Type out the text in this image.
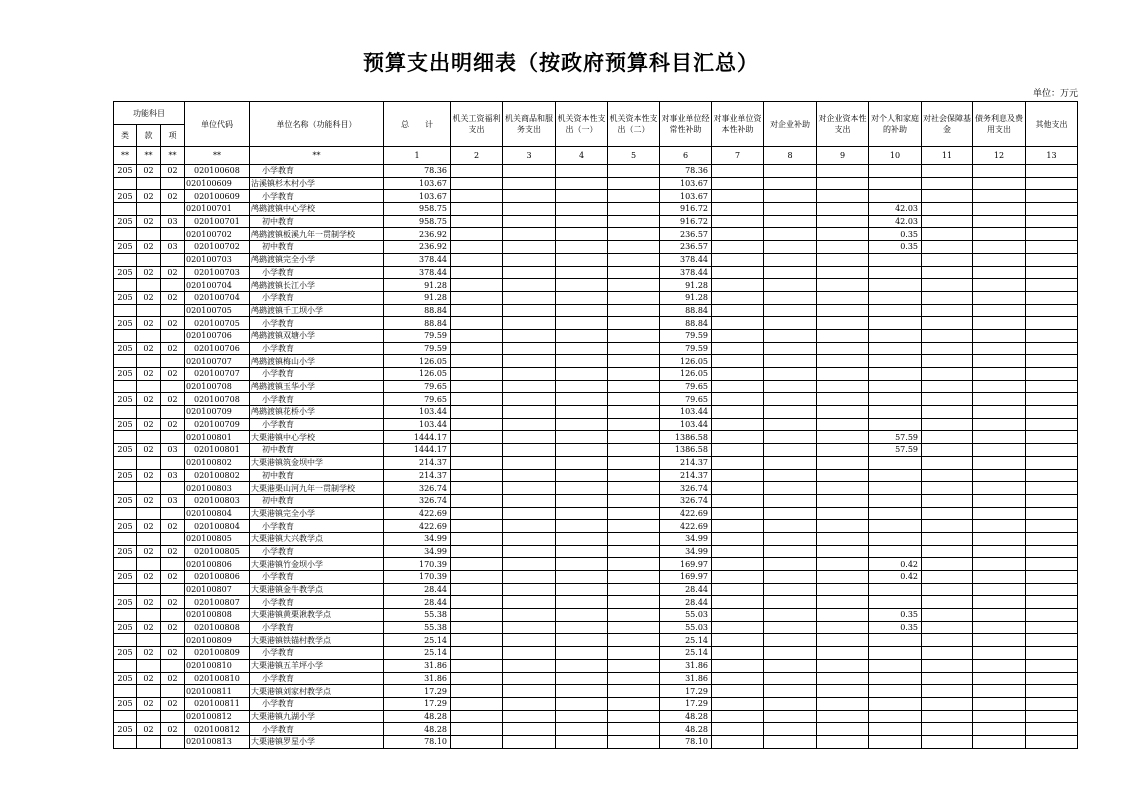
预算支出明细表（按政府预算科目汇总）
单位：万元
功能科目			单位代码	单位名称（功能科目）	总　　计	机关工资福利支出	机关商品和服务支出	机关资本性支出（一）	机关资本性支出（二）	对事业单位经常性补助	对事业单位资本性补助	对企业补助	对企业资本性支出	对个人和家庭的补助	对社会保障基金	债务利息及费用支出	其他支出
类	款	项															
**	**	**	**	**	1	2	3	4	5	6	7	8	9	10	11	12	13
205	02	02	020100608	小学教育	78.36					78.36							
			020100609	沾溪镇杉木村小学	103.67					103.67							
205	02	02	020100609	小学教育	103.67					103.67							
			020100701	鸬鹚渡镇中心学校	958.75					916.72				42.03			
205	02	03	020100701	初中教育	958.75					916.72				42.03			
			020100702	鸬鹚渡镇板溪九年一贯制学校	236.92					236.57				0.35			
205	02	03	020100702	初中教育	236.92					236.57				0.35			
			020100703	鸬鹚渡镇完全小学	378.44					378.44							
205	02	02	020100703	小学教育	378.44					378.44							
			020100704	鸬鹚渡镇长江小学	91.28					91.28							
205	02	02	020100704	小学教育	91.28					91.28							
			020100705	鸬鹚渡镇千工坝小学	88.84					88.84							
205	02	02	020100705	小学教育	88.84					88.84							
			020100706	鸬鹚渡镇双塘小学	79.59					79.59							
205	02	02	020100706	小学教育	79.59					79.59							
			020100707	鸬鹚渡镇梅山小学	126.05					126.05							
205	02	02	020100707	小学教育	126.05					126.05							
			020100708	鸬鹚渡镇玉华小学	79.65					79.65							
205	02	02	020100708	小学教育	79.65					79.65							
			020100709	鸬鹚渡镇花桥小学	103.44					103.44							
205	02	02	020100709	小学教育	103.44					103.44							
			020100801	大栗港镇中心学校	1444.17					1386.58				57.59			
205	02	03	020100801	初中教育	1444.17					1386.58				57.59			
			020100802	大栗港镇筑金坝中学	214.37					214.37							
205	02	03	020100802	初中教育	214.37					214.37							
			020100803	大栗港栗山河九年一贯制学校	326.74					326.74							
205	02	03	020100803	初中教育	326.74					326.74							
			020100804	大栗港镇完全小学	422.69					422.69							
205	02	02	020100804	小学教育	422.69					422.69							
			020100805	大栗港镇大兴教学点	34.99					34.99							
205	02	02	020100805	小学教育	34.99					34.99							
			020100806	大栗港镇竹金坝小学	170.39					169.97				0.42			
205	02	02	020100806	小学教育	170.39					169.97				0.42			
			020100807	大栗港镇金牛教学点	28.44					28.44							
205	02	02	020100807	小学教育	28.44					28.44							
			020100808	大栗港镇黄栗湫教学点	55.38					55.03				0.35			
205	02	02	020100808	小学教育	55.38					55.03				0.35			
			020100809	大栗港镇铁锚村教学点	25.14					25.14							
205	02	02	020100809	小学教育	25.14					25.14							
			020100810	大栗港镇五羊坪小学	31.86					31.86							
205	02	02	020100810	小学教育	31.86					31.86							
			020100811	大栗港镇刘家村教学点	17.29					17.29							
205	02	02	020100811	小学教育	17.29					17.29							
			020100812	大栗港镇九湖小学	48.28					48.28							
205	02	02	020100812	小学教育	48.28					48.28							
			020100813	大栗港镇罗星小学	78.10					78.10							
